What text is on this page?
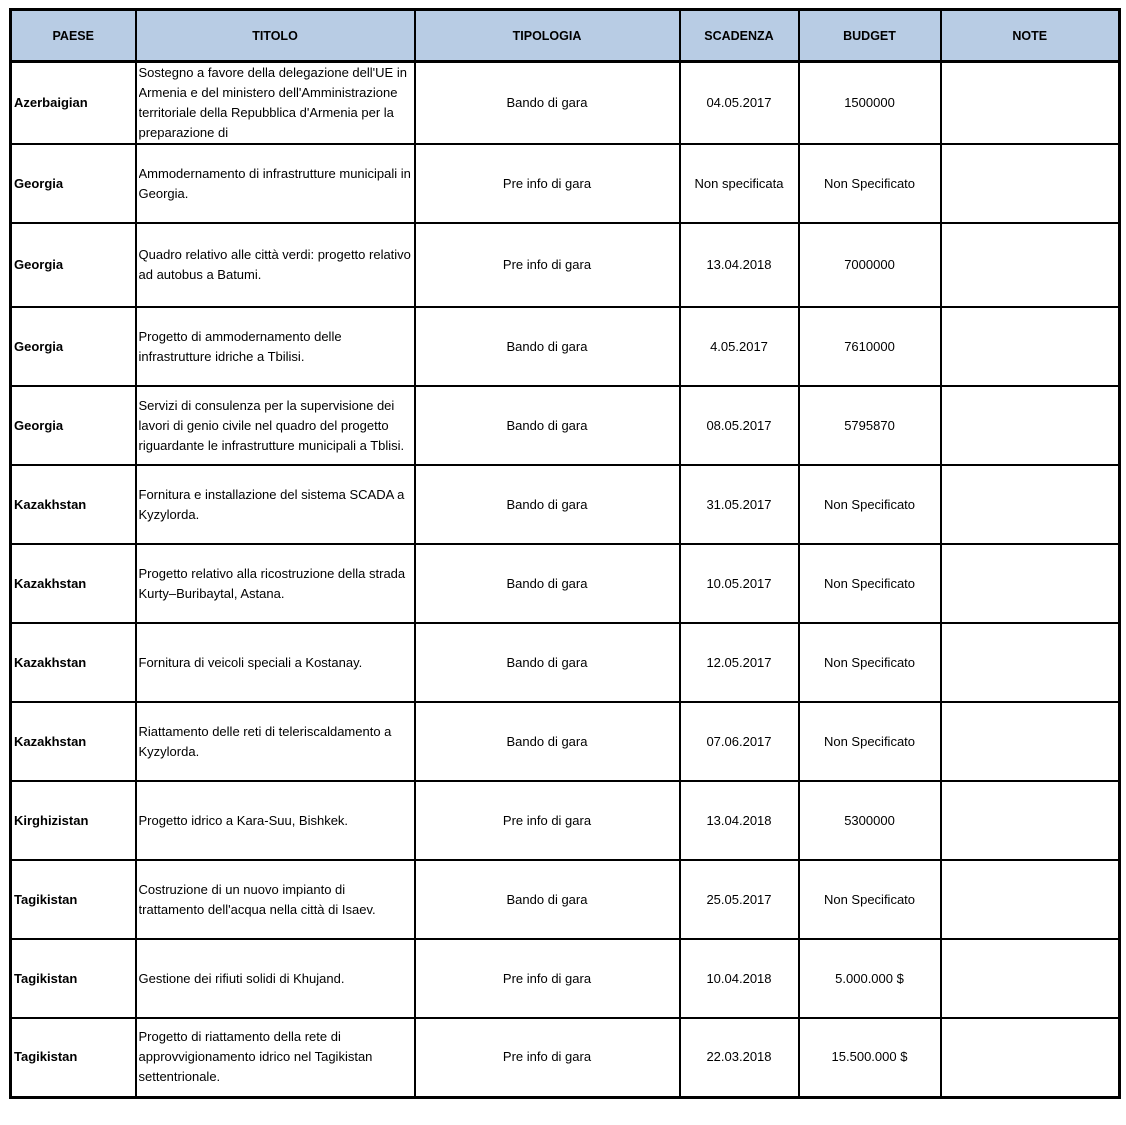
PAESE	TITOLO	TIPOLOGIA	SCADENZA	BUDGET	NOTE
Azerbaigian	Sostegno a favore della delegazione dell'UE in Armenia e del ministero dell'Amministrazione territoriale della Repubblica d'Armenia per la preparazione di	Bando di gara	04.05.2017	1500000	
Georgia	Ammodernamento di infrastrutture municipali in Georgia.	Pre info di gara	Non specificata	Non Specificato	
Georgia	Quadro relativo alle città verdi: progetto relativo ad autobus a Batumi.	Pre info di gara	13.04.2018	7000000	
Georgia	Progetto di ammodernamento delle infrastrutture idriche a Tbilisi.	Bando di gara	4.05.2017	7610000	
Georgia	Servizi di consulenza per la supervisione dei lavori di genio civile nel quadro del progetto riguardante le infrastrutture municipali a Tblisi.	Bando di gara	08.05.2017	5795870	
Kazakhstan	Fornitura e installazione del sistema SCADA a Kyzylorda.	Bando di gara	31.05.2017	Non Specificato	
Kazakhstan	Progetto relativo alla ricostruzione della strada Kurty–Buribaytal, Astana.	Bando di gara	10.05.2017	Non Specificato	
Kazakhstan	Fornitura di veicoli speciali a Kostanay.	Bando di gara	12.05.2017	Non Specificato	
Kazakhstan	Riattamento delle reti di teleriscaldamento a Kyzylorda.	Bando di gara	07.06.2017	Non Specificato	
Kirghizistan	Progetto idrico a Kara-Suu, Bishkek.	Pre info di gara	13.04.2018	5300000	
Tagikistan	Costruzione di un nuovo impianto di trattamento dell'acqua nella città di Isaev.	Bando di gara	25.05.2017	Non Specificato	
Tagikistan	Gestione dei rifiuti solidi di Khujand.	Pre info di gara	10.04.2018	5.000.000 $	
Tagikistan	Progetto di riattamento della rete di approvvigionamento idrico nel Tagikistan settentrionale.	Pre info di gara	22.03.2018	15.500.000 $	
